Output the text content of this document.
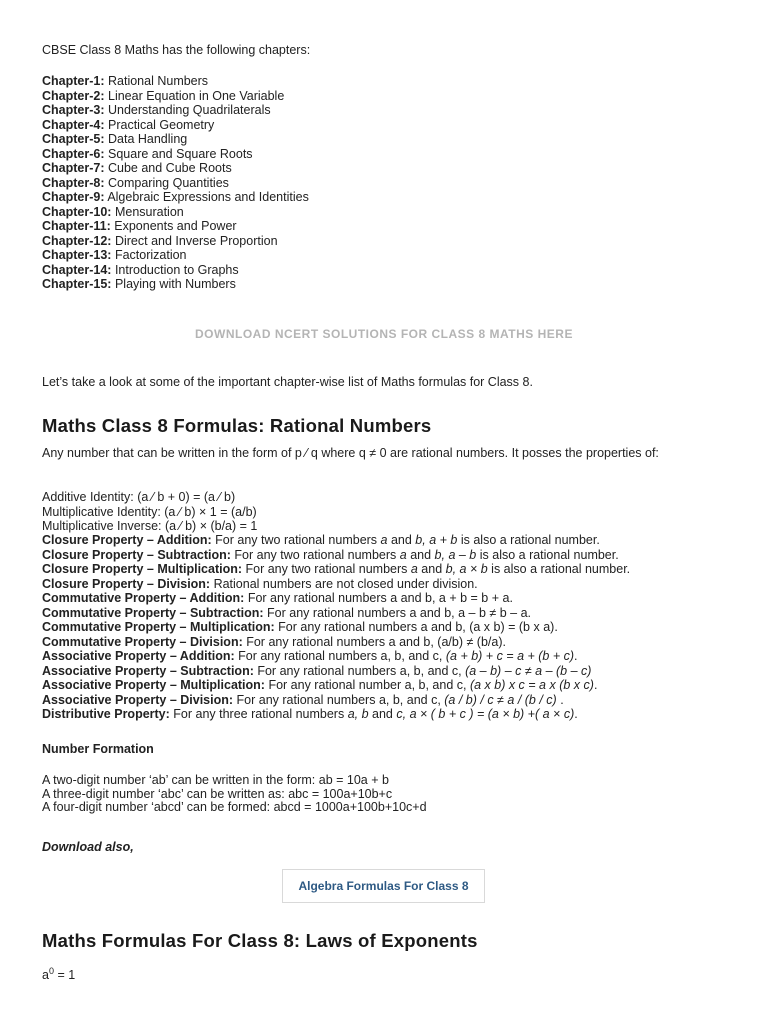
CBSE Class 8 Maths has the following chapters:

Chapter-1: Rational Numbers
Chapter-2: Linear Equation in One Variable
Chapter-3: Understanding Quadrilaterals
Chapter-4: Practical Geometry
Chapter-5: Data Handling
Chapter-6: Square and Square Roots
Chapter-7: Cube and Cube Roots
Chapter-8: Comparing Quantities
Chapter-9: Algebraic Expressions and Identities
Chapter-10: Mensuration
Chapter-11: Exponents and Power
Chapter-12: Direct and Inverse Proportion
Chapter-13: Factorization
Chapter-14: Introduction to Graphs
Chapter-15: Playing with Numbers
DOWNLOAD NCERT SOLUTIONS FOR CLASS 8 MATHS HERE

Let’s take a look at some of the important chapter-wise list of Maths formulas for Class 8.

Maths Class 8 Formulas: Rational Numbers

Any number that can be written in the form of p ⁄ q where q ≠ 0 are rational numbers. It posses the properties of:

Additive Identity: (a ⁄ b + 0) = (a ⁄ b)
Multiplicative Identity: (a ⁄ b) × 1 = (a/b)
Multiplicative Inverse: (a ⁄ b) × (b/a) = 1
Closure Property – Addition: For any two rational numbers a and b, a + b is also a rational number.
Closure Property – Subtraction: For any two rational numbers a and b, a – b is also a rational number.
Closure Property – Multiplication: For any two rational numbers a and b, a × b is also a rational number.
Closure Property – Division: Rational numbers are not closed under division.
Commutative Property – Addition: For any rational numbers a and b, a + b = b + a.
Commutative Property – Subtraction: For any rational numbers a and b, a – b ≠ b – a.
Commutative Property – Multiplication: For any rational numbers a and b, (a x b) = (b x a).
Commutative Property – Division: For any rational numbers a and b, (a/b) ≠ (b/a).
Associative Property – Addition: For any rational numbers a, b, and c, (a + b) + c = a + (b + c).
Associative Property – Subtraction: For any rational numbers a, b, and c, (a – b) – c ≠ a – (b – c)
Associative Property – Multiplication: For any rational number a, b, and c, (a x b) x c = a x (b x c).
Associative Property – Division: For any rational numbers a, b, and c, (a / b) / c ≠ a / (b / c) .
Distributive Property: For any three rational numbers a, b and c, a × ( b + c ) = (a × b) +( a × c).

Number Formation

A two-digit number ‘ab’ can be written in the form: ab = 10a + b
A three-digit number ‘abc’ can be written as: abc = 100a+10b+c
A four-digit number ‘abcd’ can be formed: abcd = 1000a+100b+10c+d

Download also,

Algebra Formulas For Class 8
Maths Formulas For Class 8: Laws of Exponents

$a^0 = 1$
